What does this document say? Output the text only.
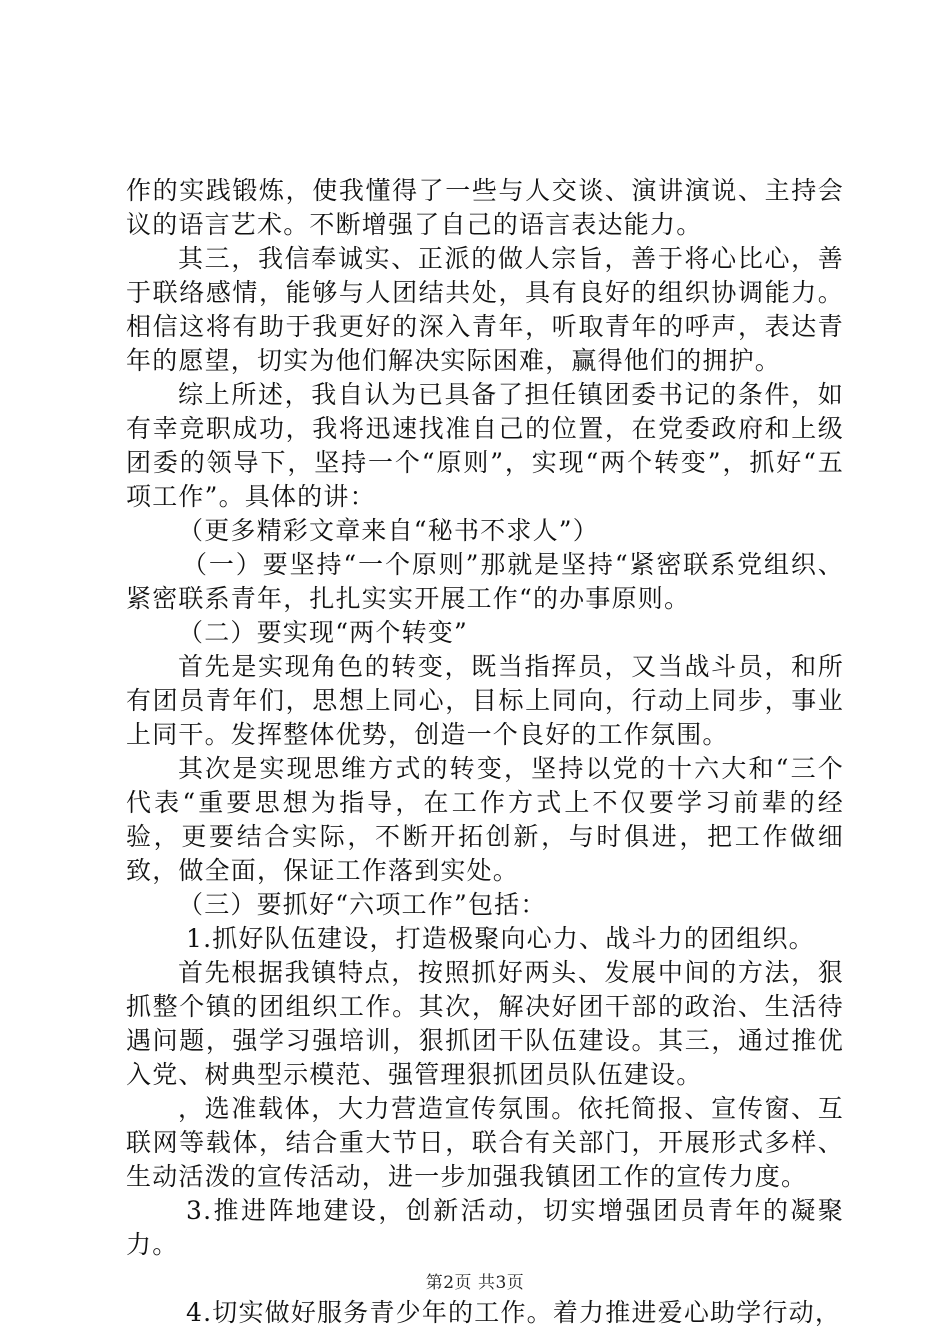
作的实践锻炼，使我懂得了一些与人交谈、演讲演说、主持会议的语言艺术。不断增强了自己的语言表达能力。

其三，我信奉诚实、正派的做人宗旨，善于将心比心，善于联络感情，能够与人团结共处，具有良好的组织协调能力。相信这将有助于我更好的深入青年，听取青年的呼声，表达青年的愿望，切实为他们解决实际困难，赢得他们的拥护。

综上所述，我自认为已具备了担任镇团委书记的条件，如有幸竞职成功，我将迅速找准自己的位置，在党委政府和上级团委的领导下，坚持一个“原则”，实现“两个转变”，抓好“五项工作”。具体的讲：

（更多精彩文章来自“秘书不求人”）

（一）要坚持“一个原则”那就是坚持“紧密联系党组织、紧密联系青年，扎扎实实开展工作“的办事原则。

（二）要实现“两个转变”

首先是实现角色的转变，既当指挥员，又当战斗员，和所有团员青年们，思想上同心，目标上同向，行动上同步，事业上同干。发挥整体优势，创造一个良好的工作氛围。

其次是实现思维方式的转变，坚持以党的十六大和“三个代表“重要思想为指导，在工作方式上不仅要学习前辈的经验，更要结合实际，不断开拓创新，与时俱进，把工作做细致，做全面，保证工作落到实处。

（三）要抓好“六项工作”包括：

1.抓好队伍建设，打造极聚向心力、战斗力的团组织。

首先根据我镇特点，按照抓好两头、发展中间的方法，狠抓整个镇的团组织工作。其次，解决好团干部的政治、生活待遇问题，强学习强培训，狠抓团干队伍建设。其三，通过推优入党、树典型示模范、强管理狠抓团员队伍建设。

，选准载体，大力营造宣传氛围。依托简报、宣传窗、互联网等载体，结合重大节日，联合有关部门，开展形式多样、生动活泼的宣传活动，进一步加强我镇团工作的宣传力度。

3.推进阵地建设，创新活动，切实增强团员青年的凝聚力。

4.切实做好服务青少年的工作。着力推进爱心助学行动，

第2页 共3页
